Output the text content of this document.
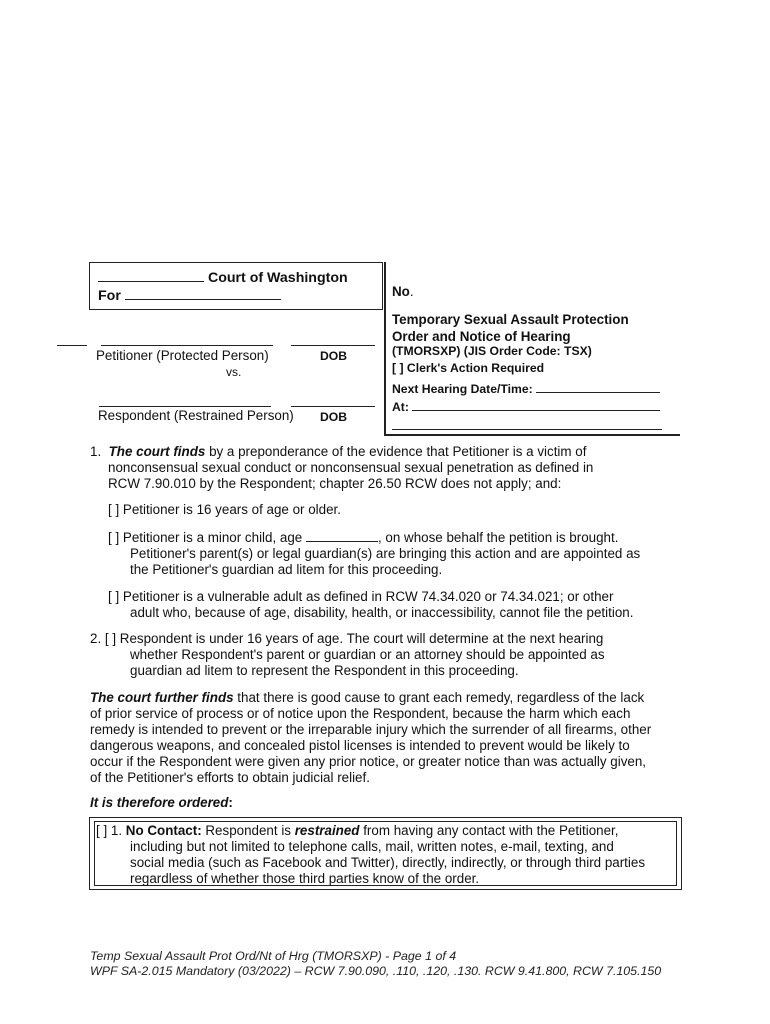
Court of Washington
For
Petitioner (Protected Person)	DOB
vs.
Respondent (Restrained Person) DOB
No.
Temporary Sexual Assault Protection
Order and Notice of Hearing
(TMORSXP) (JIS Order Code: TSX)
[ ] Clerk's Action Required
Next Hearing Date/Time:
At:
1. The court finds by a preponderance of the evidence that Petitioner is a victim of
nonconsensual sexual conduct or nonconsensual sexual penetration as defined in
RCW 7.90.010 by the Respondent; chapter 26.50 RCW does not apply; and:
[ ] Petitioner is 16 years of age or older.
[ ] Petitioner is a minor child, age	, on whose behalf the petition is brought.
Petitioner's parent(s) or legal guardian(s) are bringing this action and are appointed as
the Petitioner's guardian ad litem for this proceeding.
[ ] Petitioner is a vulnerable adult as defined in RCW 74.34.020 or 74.34.021; or other
adult who, because of age, disability, health, or inaccessibility, cannot file the petition.
2. [ ] Respondent is under 16 years of age. The court will determine at the next hearing
whether Respondent's parent or guardian or an attorney should be appointed as
guardian ad litem to represent the Respondent in this proceeding.
The court further finds that there is good cause to grant each remedy, regardless of the lack
of prior service of process or of notice upon the Respondent, because the harm which each
remedy is intended to prevent or the irreparable injury which the surrender of all firearms, other
dangerous weapons, and concealed pistol licenses is intended to prevent would be likely to
occur if the Respondent were given any prior notice, or greater notice than was actually given,
of the Petitioner's efforts to obtain judicial relief.
It is therefore ordered:
[ ] 1. No Contact: Respondent is restrained from having any contact with the Petitioner,
including but not limited to telephone calls, mail, written notes, e-mail, texting, and
social media (such as Facebook and Twitter), directly, indirectly, or through third parties
regardless of whether those third parties know of the order.
Temp Sexual Assault Prot Ord/Nt of Hrg (TMORSXP) - Page 1 of 4
WPF SA-2.015 Mandatory (03/2022) – RCW 7.90.090, .110, .120, .130. RCW 9.41.800, RCW 7.105.150
